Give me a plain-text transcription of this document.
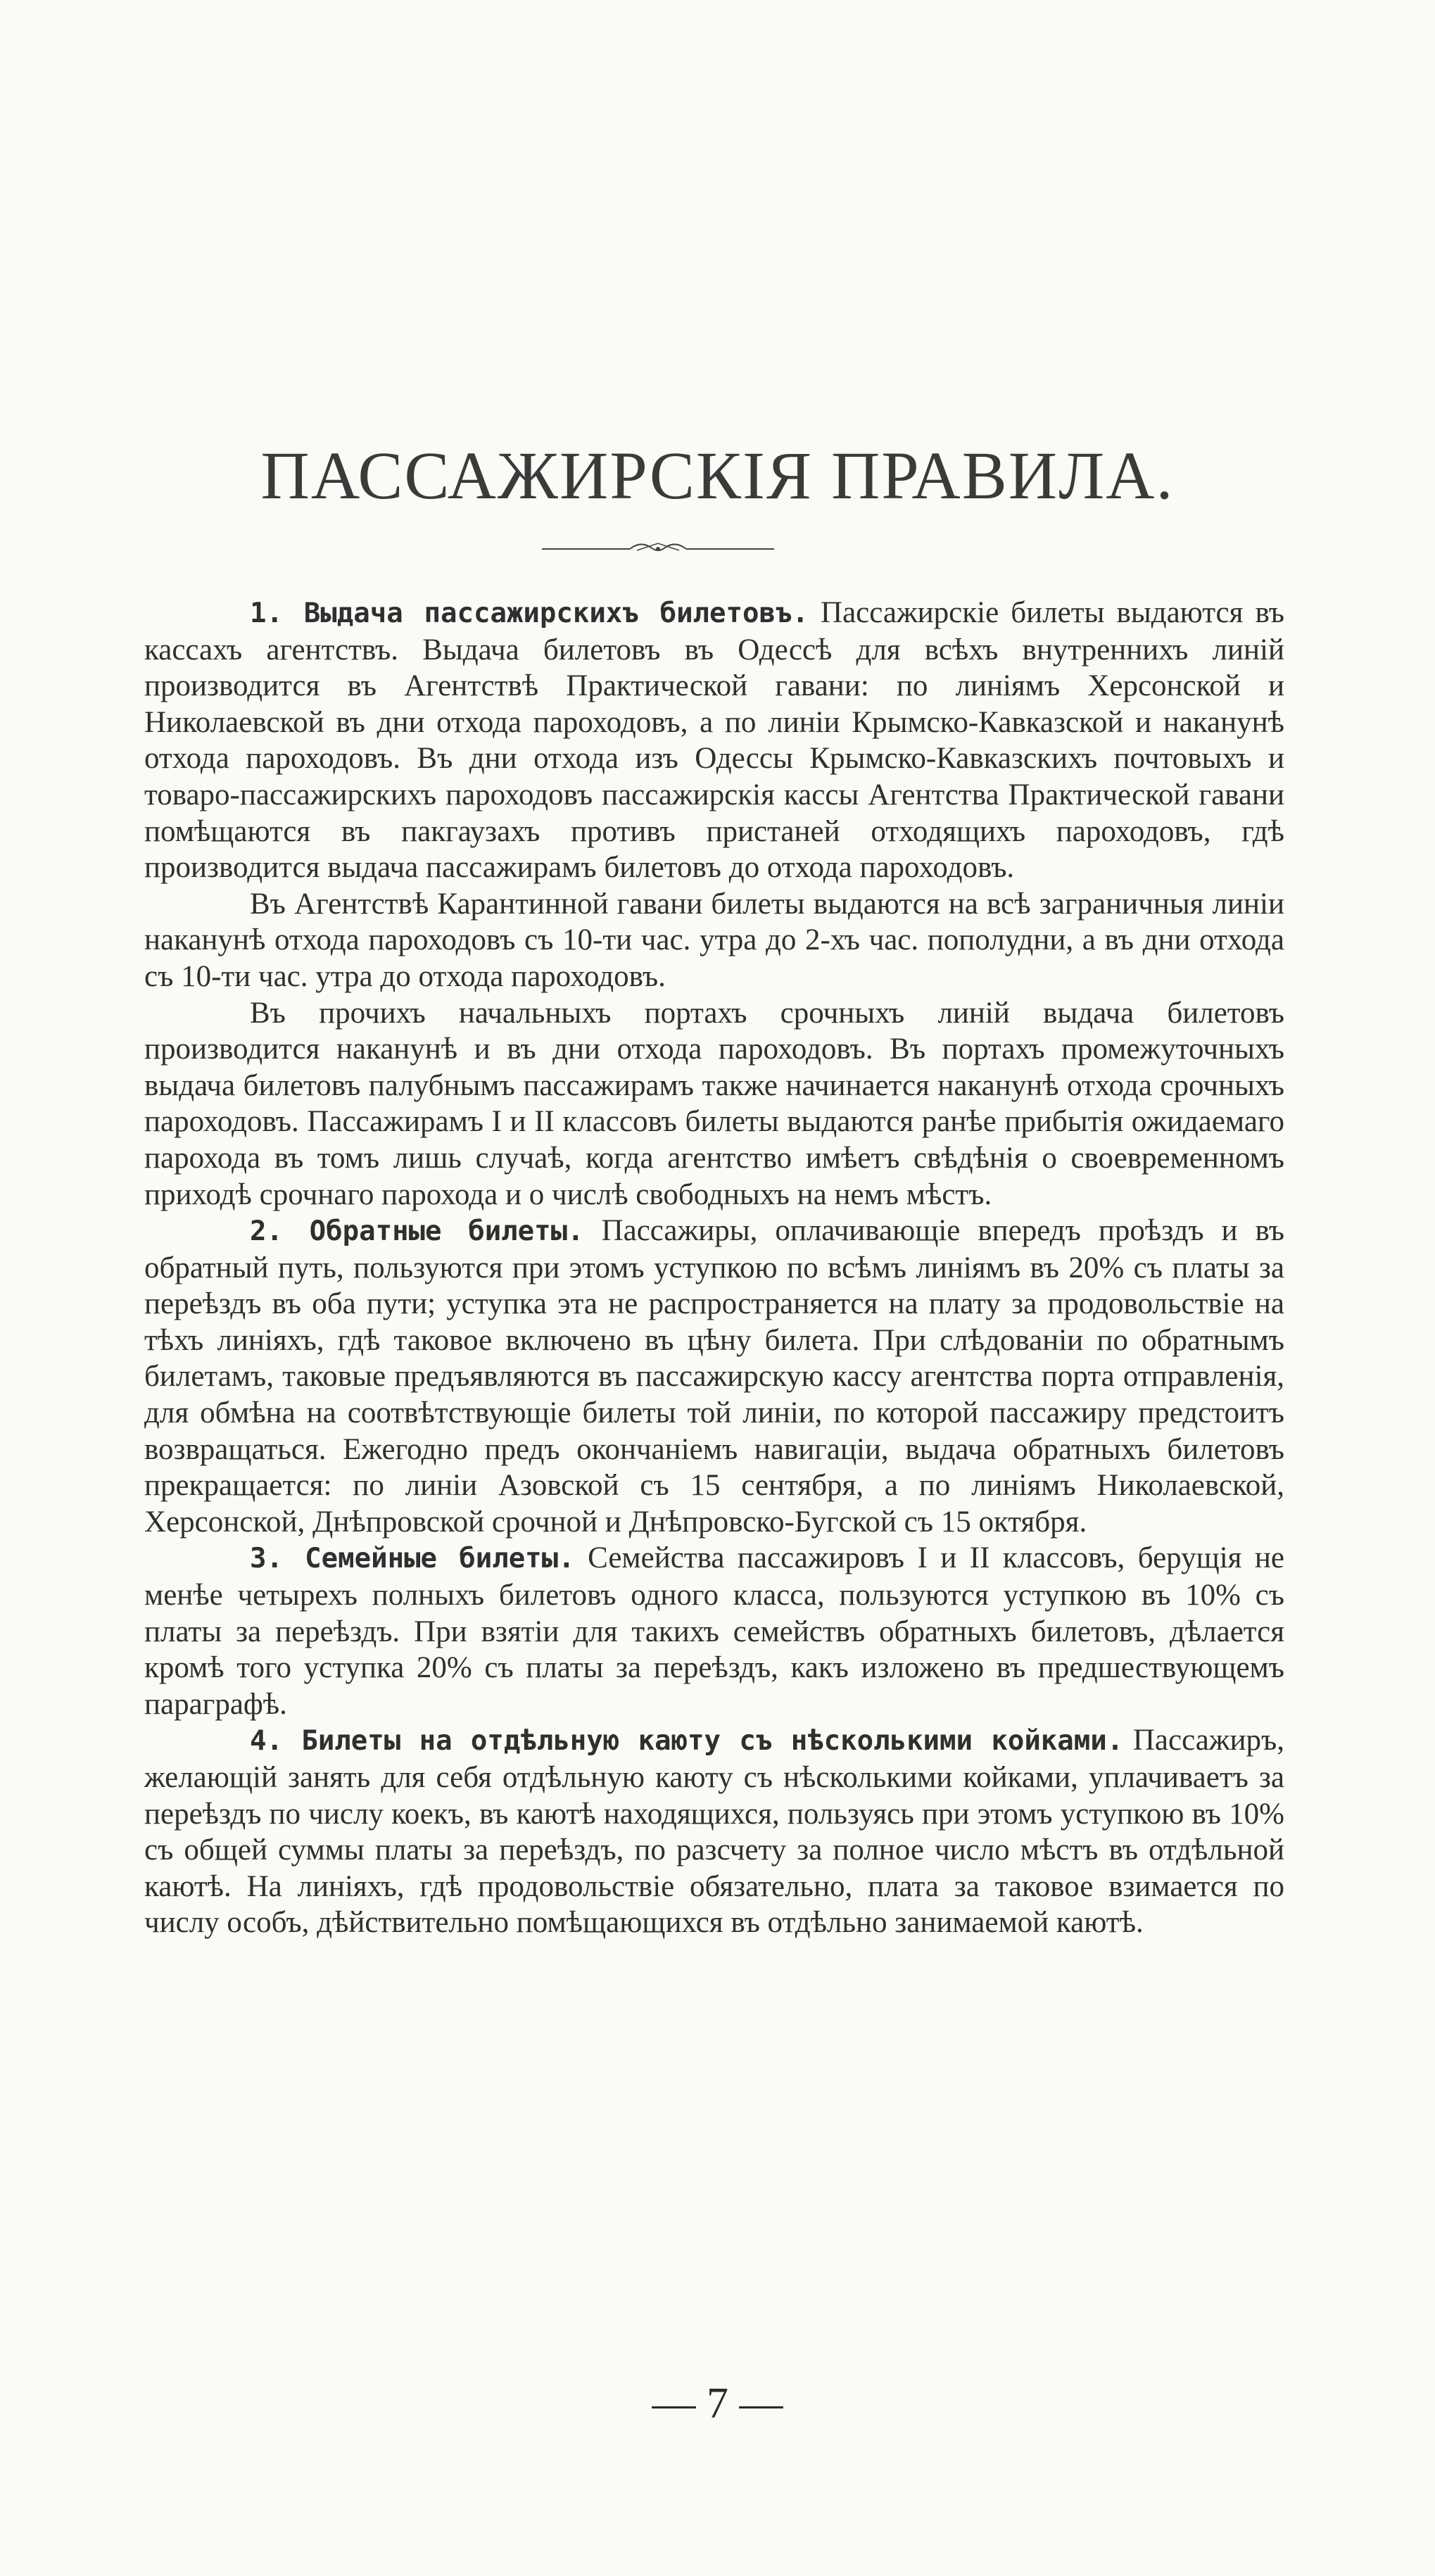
ПАССАЖИРСКІЯ ПРАВИЛА.

1. Выдача пассажирскихъ билетовъ. Пассажирскіе билеты выдаются въ кассахъ агентствъ. Выдача билетовъ въ Одессѣ для всѣхъ внутреннихъ линій производится въ Агентствѣ Практической гавани: по линіямъ Херсонской и Николаевской въ дни отхода пароходовъ, а по линіи Крымско-Кавказской и наканунѣ отхода пароходовъ. Въ дни отхода изъ Одессы Крымско-Кавказскихъ почтовыхъ и товаро-пассажирскихъ пароходовъ пассажирскія кассы Агентства Практической гавани помѣщаются въ пакгаузахъ противъ пристаней отходящихъ пароходовъ, гдѣ производится выдача пассажирамъ билетовъ до отхода пароходовъ.

Въ Агентствѣ Карантинной гавани билеты выдаются на всѣ заграничныя линіи наканунѣ отхода пароходовъ съ 10-ти час. утра до 2-хъ час. пополудни, а въ дни отхода съ 10-ти час. утра до отхода пароходовъ.

Въ прочихъ начальныхъ портахъ срочныхъ линій выдача билетовъ производится наканунѣ и въ дни отхода пароходовъ. Въ портахъ промежуточныхъ выдача билетовъ палубнымъ пассажирамъ также начинается наканунѣ отхода срочныхъ пароходовъ. Пассажирамъ I и II классовъ билеты выдаются ранѣе прибытія ожидаемаго парохода въ томъ лишь случаѣ, когда агентство имѣетъ свѣдѣнія о своевременномъ приходѣ срочнаго парохода и о числѣ свободныхъ на немъ мѣстъ.

2. Обратные билеты. Пассажиры, оплачивающіе впередъ проѣздъ и въ обратный путь, пользуются при этомъ уступкою по всѣмъ линіямъ въ 20% съ платы за переѣздъ въ оба пути; уступка эта не распространяется на плату за продовольствіе на тѣхъ линіяхъ, гдѣ таковое включено въ цѣну билета. При слѣдованіи по обратнымъ билетамъ, таковые предъявляются въ пассажирскую кассу агентства порта отправленія, для обмѣна на соотвѣтствующіе билеты той линіи, по которой пассажиру предстоитъ возвращаться. Ежегодно предъ окончаніемъ навигаціи, выдача обратныхъ билетовъ прекращается: по линіи Азовской съ 15 сентября, а по линіямъ Николаевской, Херсонской, Днѣпровской срочной и Днѣпровско-Бугской съ 15 октября.

3. Семейные билеты. Семейства пассажировъ I и II классовъ, берущія не менѣе четырехъ полныхъ билетовъ одного класса, пользуются уступкою въ 10% съ платы за переѣздъ. При взятіи для такихъ семействъ обратныхъ билетовъ, дѣлается кромѣ того уступка 20% съ платы за переѣздъ, какъ изложено въ предшествующемъ параграфѣ.

4. Билеты на отдѣльную каюту съ нѣсколькими койками. Пассажиръ, желающій занять для себя отдѣльную каюту съ нѣсколькими койками, уплачиваетъ за переѣздъ по числу коекъ, въ каютѣ находящихся, пользуясь при этомъ уступкою въ 10% съ общей суммы платы за переѣздъ, по разсчету за полное число мѣстъ въ отдѣльной каютѣ. На линіяхъ, гдѣ продовольствіе обязательно, плата за таковое взимается по числу особъ, дѣйствительно помѣщающихся въ отдѣльно занимаемой каютѣ.

— 7 —
